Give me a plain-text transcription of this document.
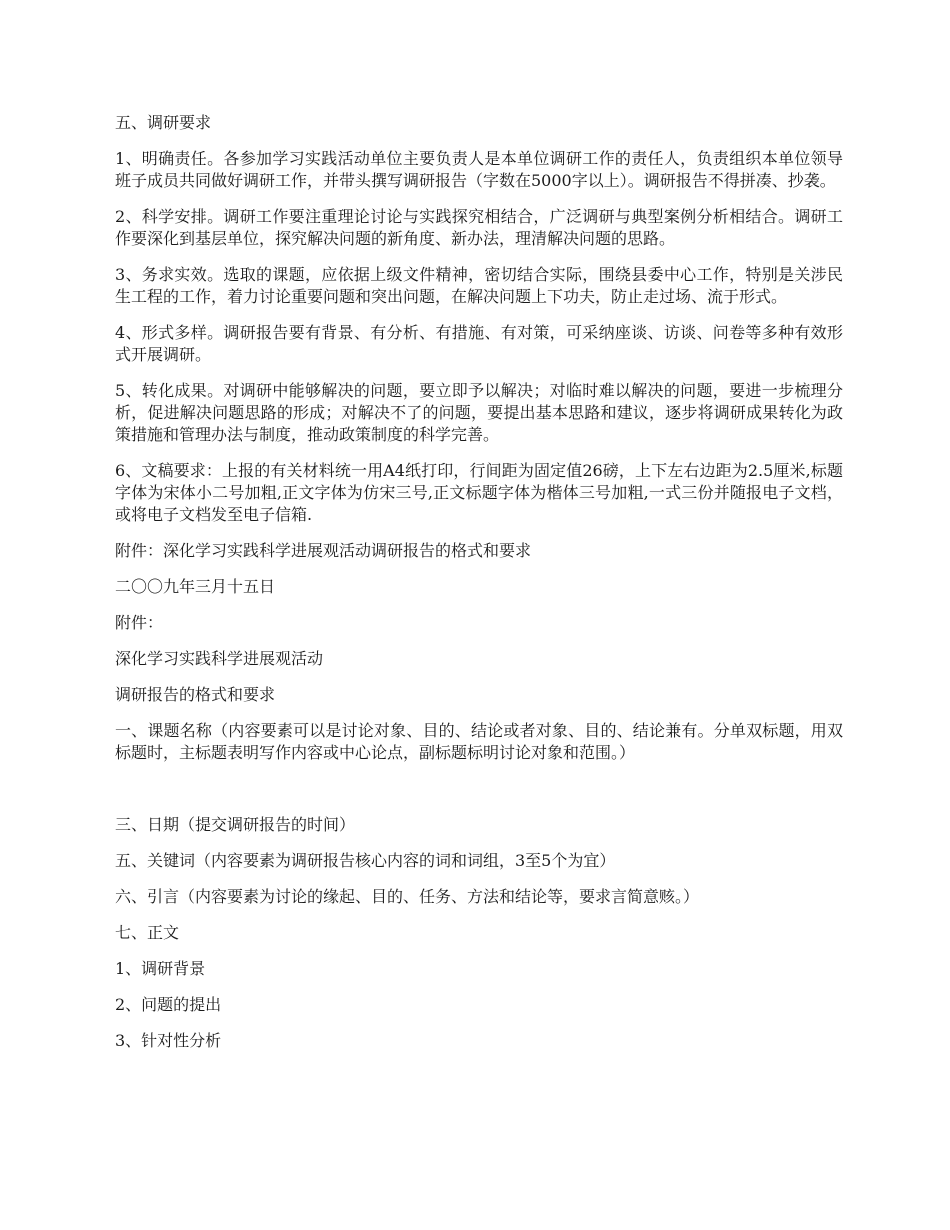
五、调研要求

1、明确责任。各参加学习实践活动单位主要负责人是本单位调研工作的责任人，负责组织本单位领导班子成员共同做好调研工作，并带头撰写调研报告（字数在5000字以上）。调研报告不得拼凑、抄袭。

2、科学安排。调研工作要注重理论讨论与实践探究相结合，广泛调研与典型案例分析相结合。调研工作要深化到基层单位，探究解决问题的新角度、新办法，理清解决问题的思路。

3、务求实效。选取的课题，应依据上级文件精神，密切结合实际，围绕县委中心工作，特别是关涉民生工程的工作，着力讨论重要问题和突出问题，在解决问题上下功夫，防止走过场、流于形式。

4、形式多样。调研报告要有背景、有分析、有措施、有对策，可采纳座谈、访谈、问卷等多种有效形式开展调研。

5、转化成果。对调研中能够解决的问题，要立即予以解决；对临时难以解决的问题，要进一步梳理分析，促进解决问题思路的形成；对解决不了的问题，要提出基本思路和建议，逐步将调研成果转化为政策措施和管理办法与制度，推动政策制度的科学完善。

6、文稿要求：上报的有关材料统一用A4纸打印，行间距为固定值26磅，上下左右边距为2.5厘米,标题字体为宋体小二号加粗,正文字体为仿宋三号,正文标题字体为楷体三号加粗,一式三份并随报电子文档，或将电子文档发至电子信箱.

附件：深化学习实践科学进展观活动调研报告的格式和要求

二〇〇九年三月十五日

附件：

深化学习实践科学进展观活动

调研报告的格式和要求

一、课题名称（内容要素可以是讨论对象、目的、结论或者对象、目的、结论兼有。分单双标题，用双标题时，主标题表明写作内容或中心论点，副标题标明讨论对象和范围。）

三、日期（提交调研报告的时间）

五、关键词（内容要素为调研报告核心内容的词和词组，3至5个为宜）

六、引言（内容要素为讨论的缘起、目的、任务、方法和结论等，要求言简意赅。）

七、正文

1、调研背景

2、问题的提出

3、针对性分析
